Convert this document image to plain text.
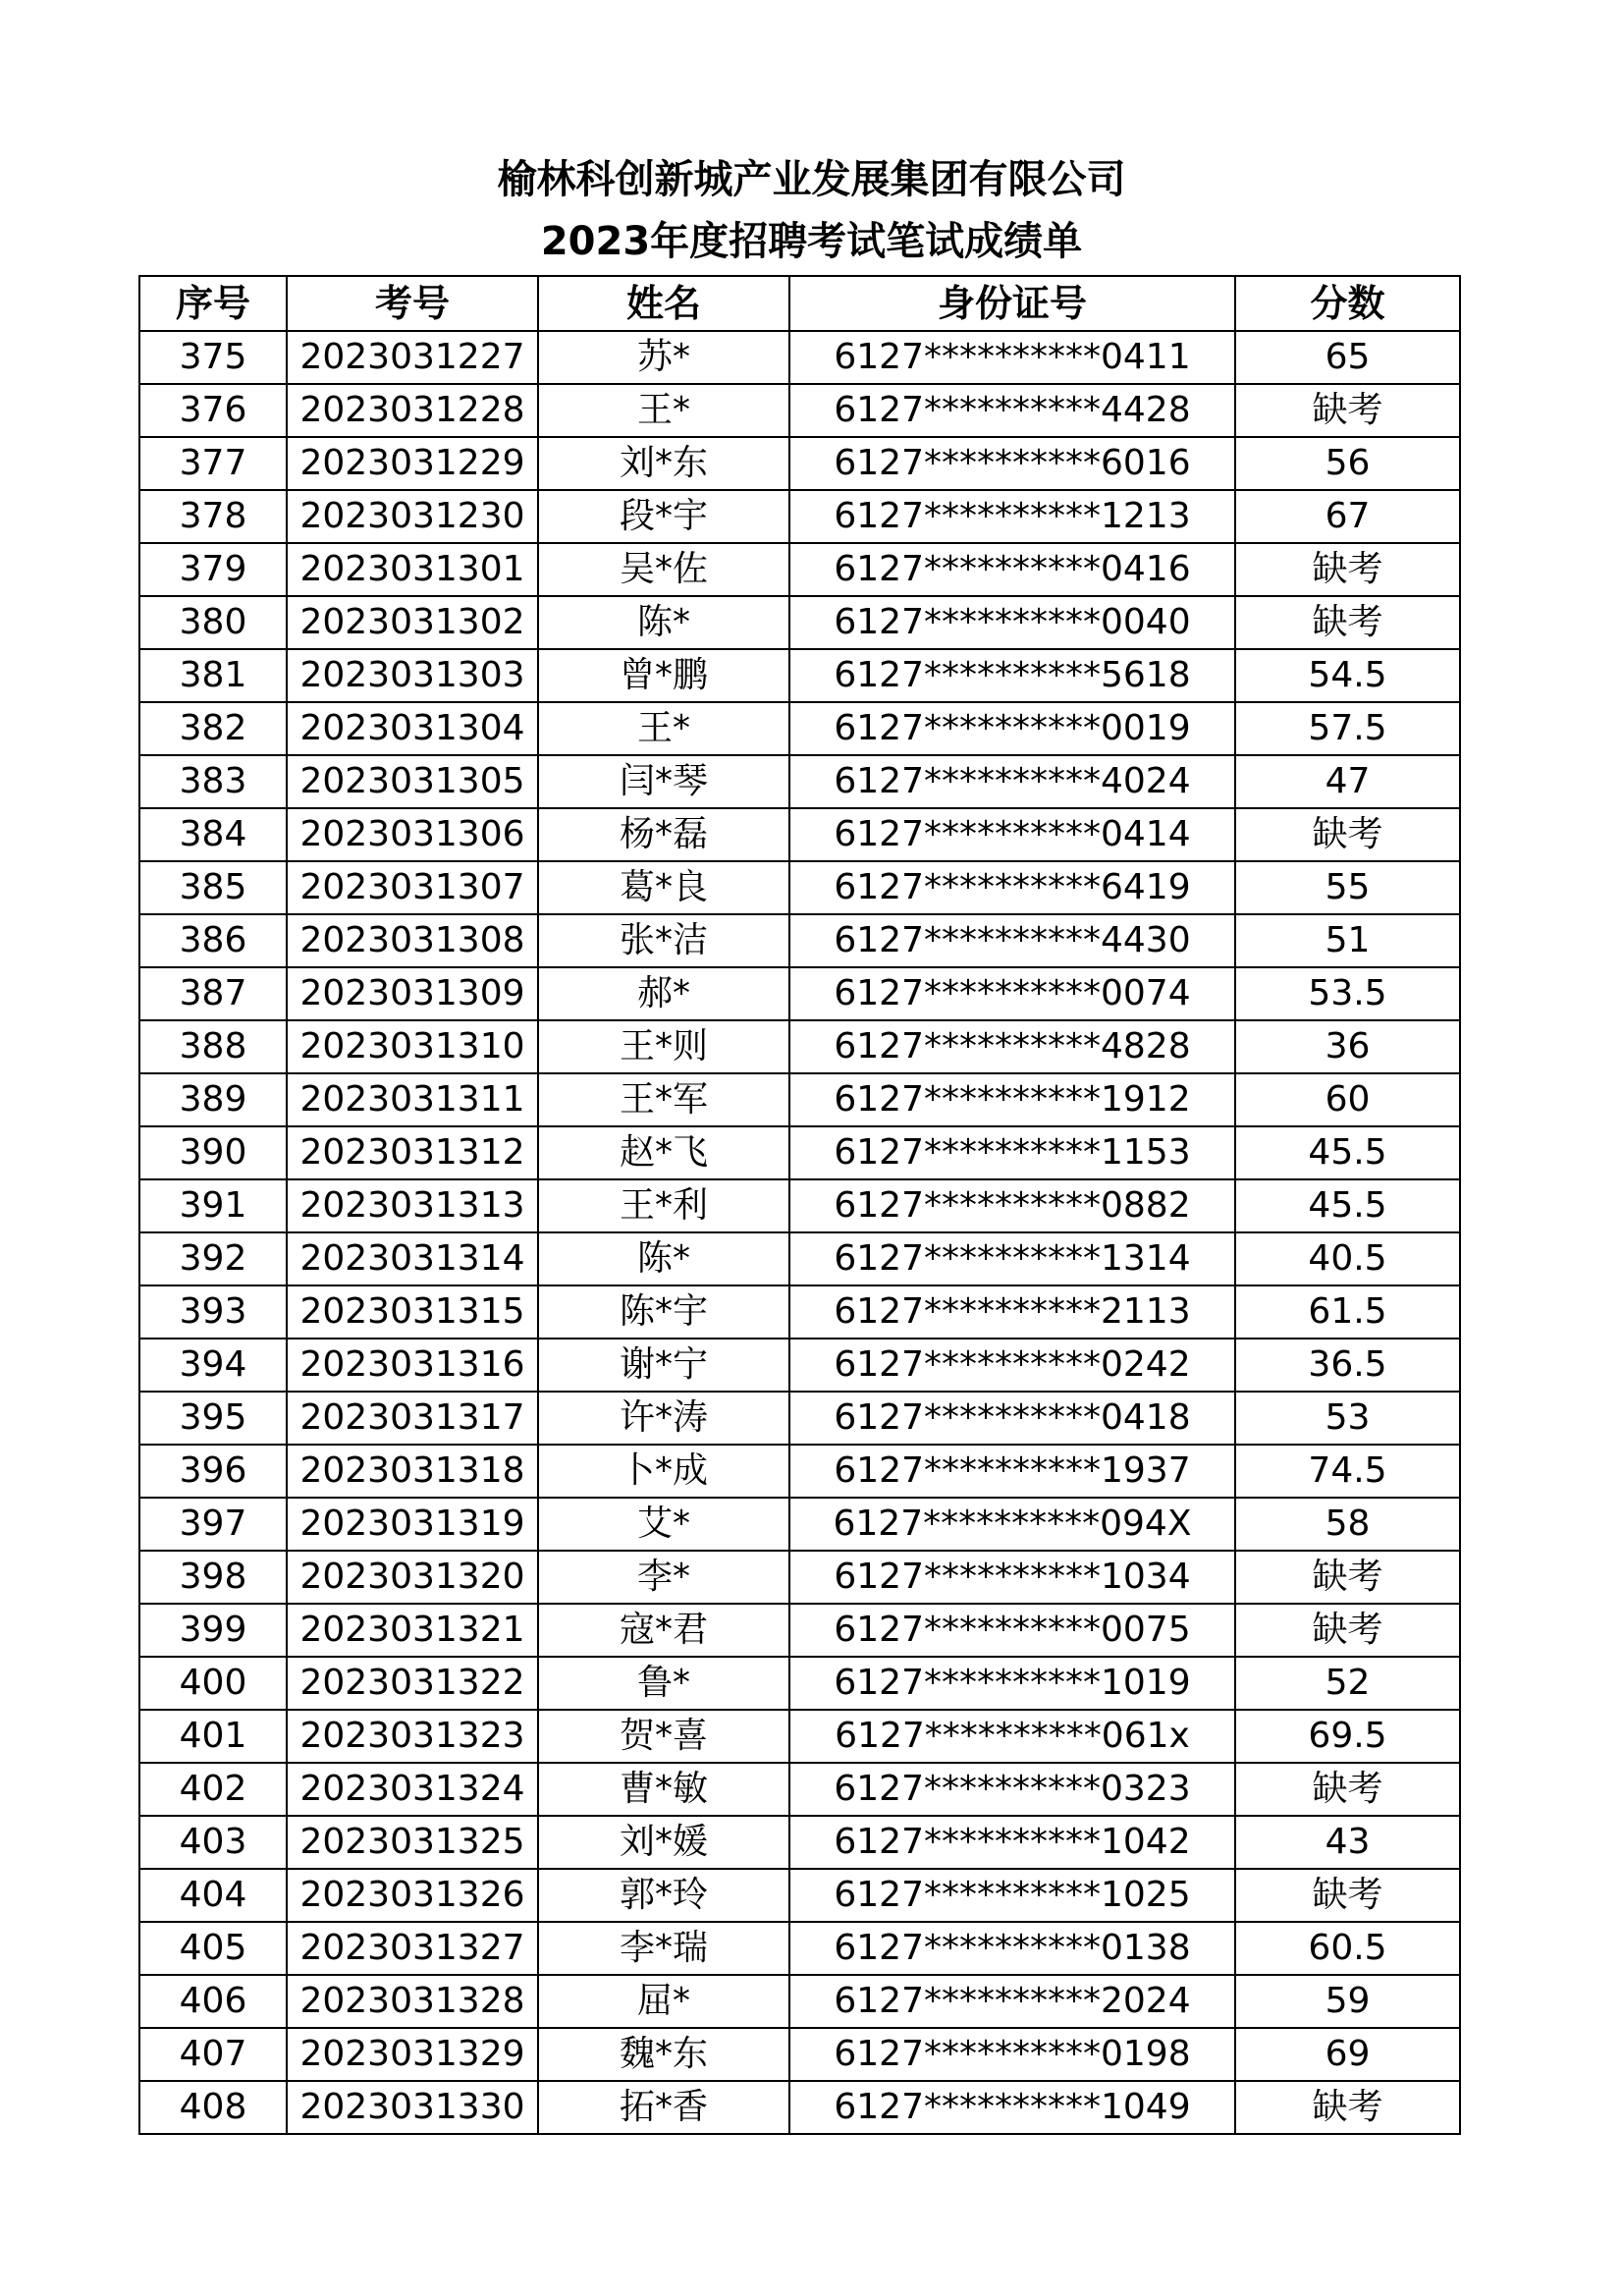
榆林科创新城产业发展集团有限公司
2023年度招聘考试笔试成绩单
序号	考号	姓名	身份证号	分数
375	2023031227	苏*	6127**********0411	65
376	2023031228	王*	6127**********4428	缺考
377	2023031229	刘*东	6127**********6016	56
378	2023031230	段*宇	6127**********1213	67
379	2023031301	吴*佐	6127**********0416	缺考
380	2023031302	陈*	6127**********0040	缺考
381	2023031303	曾*鹏	6127**********5618	54.5
382	2023031304	王*	6127**********0019	57.5
383	2023031305	闫*琴	6127**********4024	47
384	2023031306	杨*磊	6127**********0414	缺考
385	2023031307	葛*良	6127**********6419	55
386	2023031308	张*洁	6127**********4430	51
387	2023031309	郝*	6127**********0074	53.5
388	2023031310	王*则	6127**********4828	36
389	2023031311	王*军	6127**********1912	60
390	2023031312	赵*飞	6127**********1153	45.5
391	2023031313	王*利	6127**********0882	45.5
392	2023031314	陈*	6127**********1314	40.5
393	2023031315	陈*宇	6127**********2113	61.5
394	2023031316	谢*宁	6127**********0242	36.5
395	2023031317	许*涛	6127**********0418	53
396	2023031318	卜*成	6127**********1937	74.5
397	2023031319	艾*	6127**********094X	58
398	2023031320	李*	6127**********1034	缺考
399	2023031321	寇*君	6127**********0075	缺考
400	2023031322	鲁*	6127**********1019	52
401	2023031323	贺*喜	6127**********061x	69.5
402	2023031324	曹*敏	6127**********0323	缺考
403	2023031325	刘*媛	6127**********1042	43
404	2023031326	郭*玲	6127**********1025	缺考
405	2023031327	李*瑞	6127**********0138	60.5
406	2023031328	屈*	6127**********2024	59
407	2023031329	魏*东	6127**********0198	69
408	2023031330	拓*香	6127**********1049	缺考
